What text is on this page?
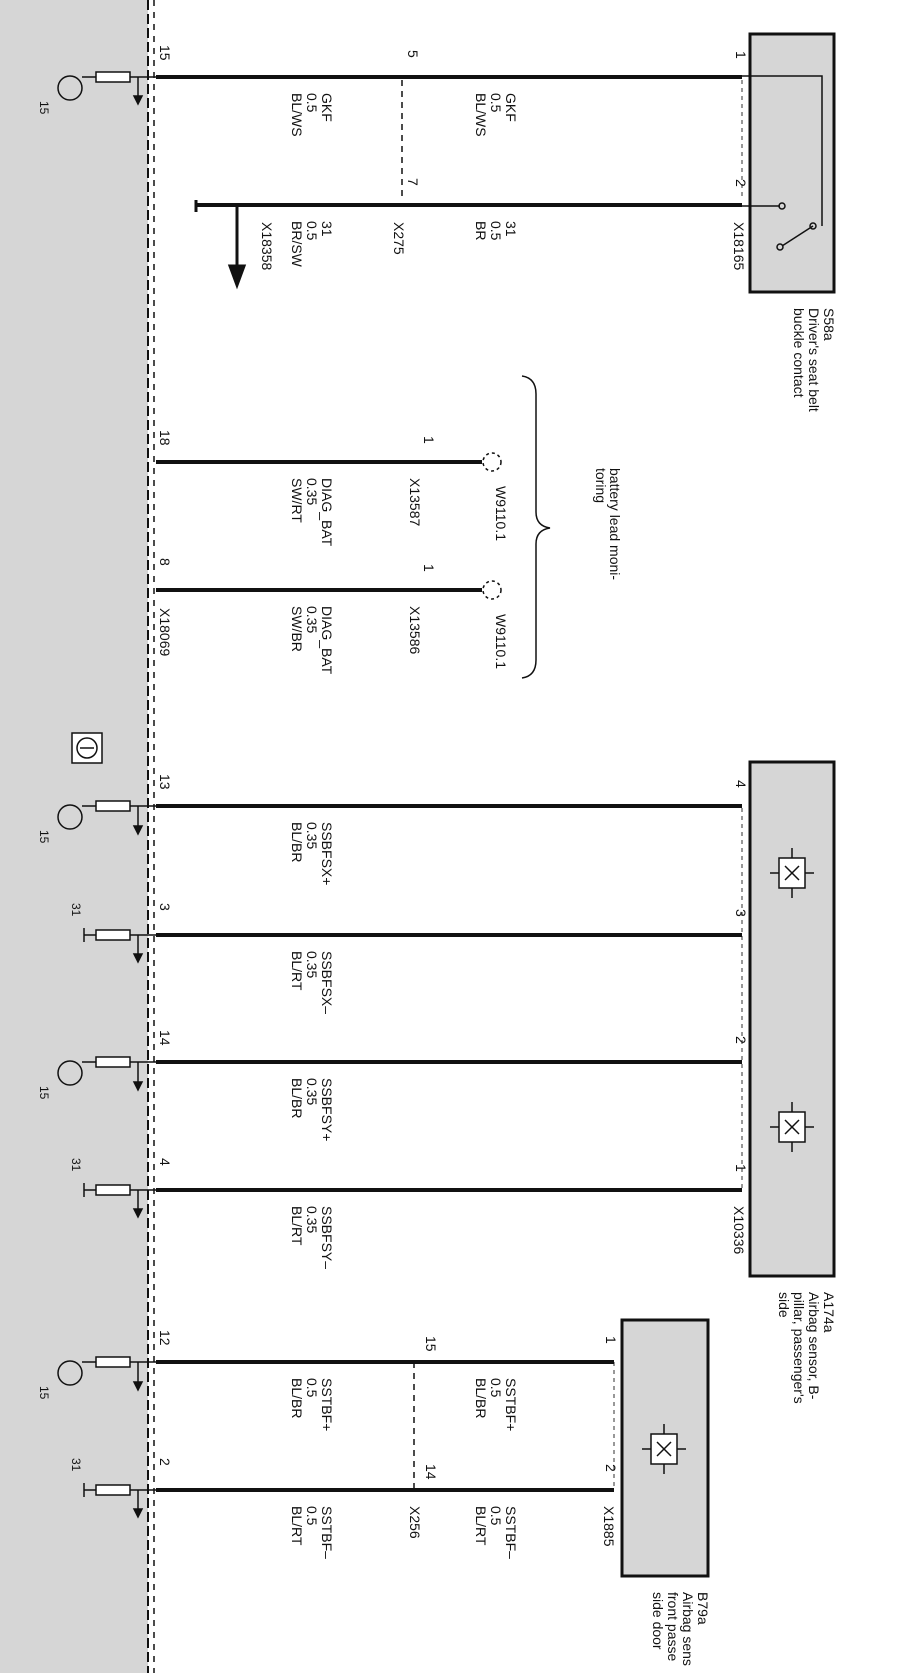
15
18
8
13
3
14
4
12
2
X18069
15
15
15
15
31
31
31
GKF
0.5
BL/WS
31
0.5
BR/SW
DIAG_BAT
0.35
SW/RT
DIAG_BAT
0.35
SW/BR
SSBFSX+
0.35
BL/BR
SSBFSX–
0.35
BL/RT
SSBFSY+
0.35
BL/BR
SSBFSY–
0.35
BL/RT
SSTBF+
0.5
BL/BR
SSTBF–
0.5
BL/RT
GKF
0.5
BL/WS
31
0.5
BR
SSTBF+
0.5
BL/BR
SSTBF–
0.5
BL/RT
5
7
X275
15
14
X256
1
X13587
1
X13586
X18358
W9110.1
W9110.1
battery lead moni-
toring
1
2
X18165
4
3
2
1
X10336
1
2
X1885
S58a
Driver's seat belt
buckle contact
A174a
Airbag sensor, B-
pillar, passenger's
side
B79a
Airbag sens
front passe
side door
